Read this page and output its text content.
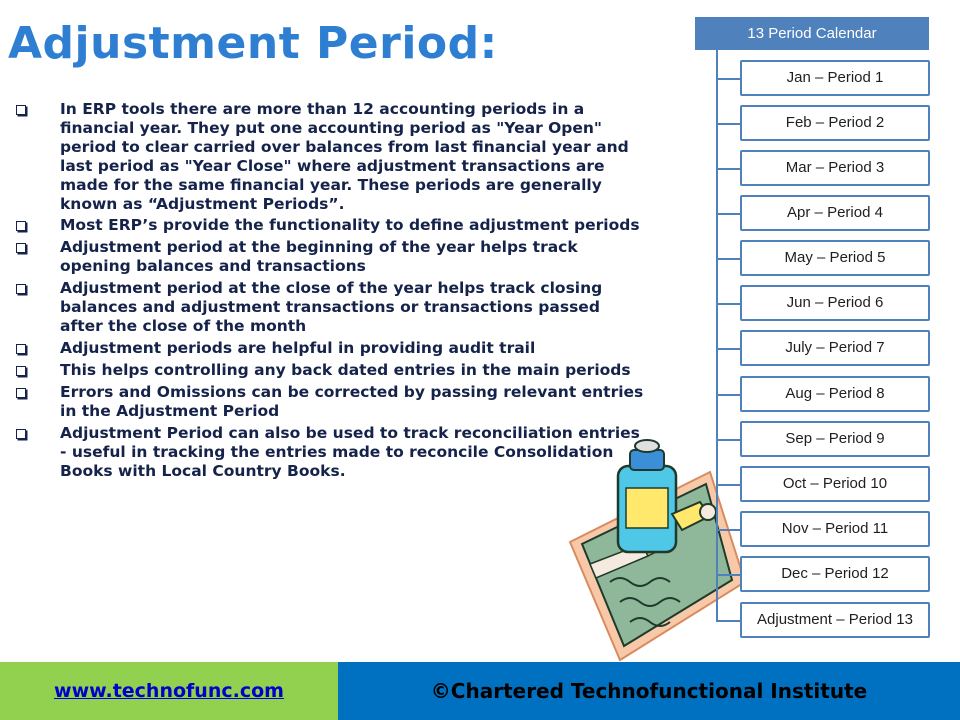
Adjustment Period:
In ERP tools there are more than 12 accounting periods in a financial year. They put one accounting period as "Year Open" period to clear carried over balances from last financial year and last period as "Year Close" where adjustment transactions are made for the same financial year. These periods are generally known as “Adjustment Periods”.
Most ERP’s provide the functionality to define adjustment periods
Adjustment period at the beginning of the year helps track opening balances and transactions
Adjustment period at the close of the year helps track closing balances and adjustment transactions or transactions passed after the close of the month
Adjustment periods are helpful in providing audit trail
This helps controlling any back dated entries in the main periods
Errors and Omissions can be corrected by passing relevant entries in the Adjustment Period
Adjustment Period can also be used to track reconciliation entries - useful in tracking the entries made to reconcile Consolidation Books with Local Country Books.
13 Period Calendar
Jan – Period 1
Feb – Period 2
Mar – Period 3
Apr – Period 4
May – Period 5
Jun – Period 6
July – Period 7
Aug – Period 8
Sep – Period 9
Oct – Period 10
Nov – Period 11
Dec – Period 12
Adjustment – Period 13
www.technofunc.com	©Chartered Technofunctional Institute
